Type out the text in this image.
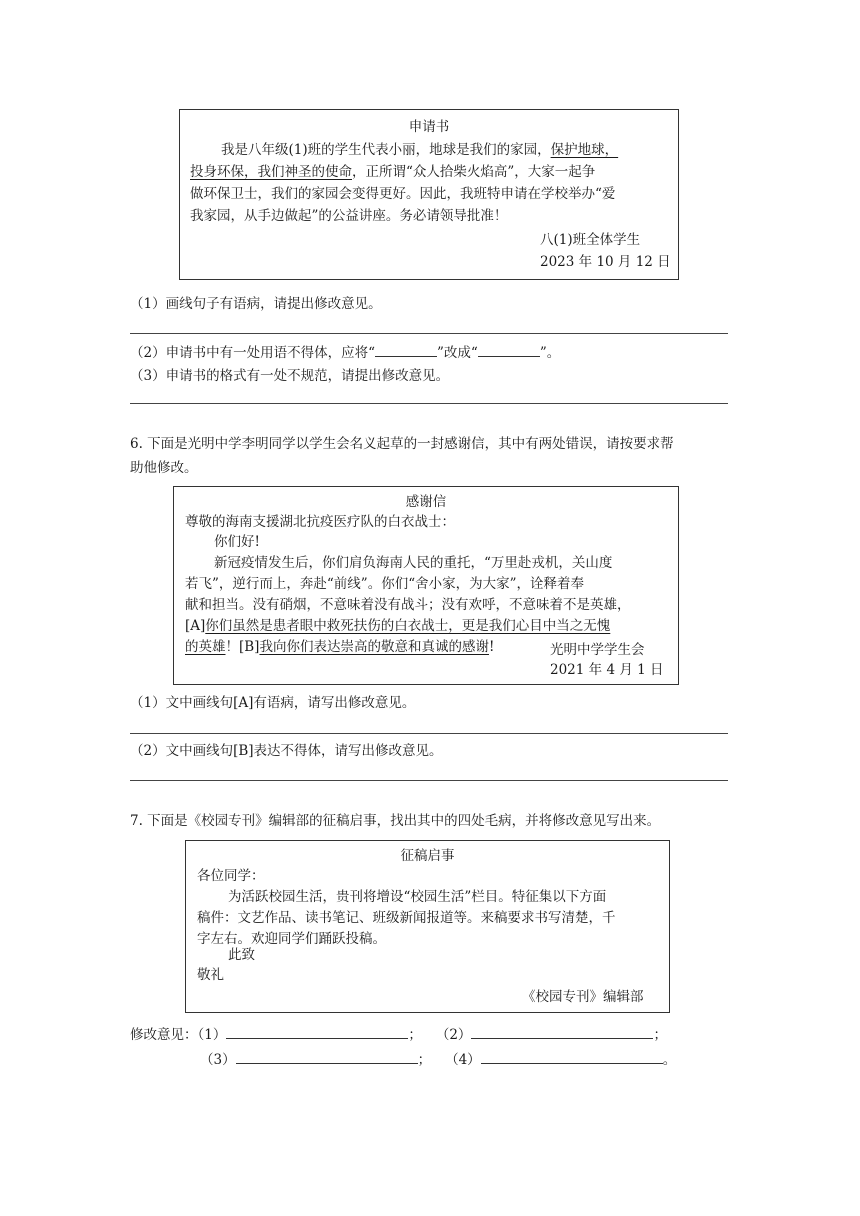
申请书
我是八年级(1)班的学生代表小丽，地球是我们的家园，保护地球，
投身环保，我们神圣的使命，正所谓“众人拾柴火焰高”，大家一起争
做环保卫士，我们的家园会变得更好。因此，我班特申请在学校举办“爱
我家园，从手边做起”的公益讲座。务必请领导批准！
八(1)班全体学生
2023 年 10 月 12 日
（1）画线句子有语病，请提出修改意见。
（2）申请书中有一处用语不得体，应将“	”改成“	”。
（3）申请书的格式有一处不规范，请提出修改意见。
6. 下面是光明中学李明同学以学生会名义起草的一封感谢信，其中有两处错误，请按要求帮
助他修改。
感谢信
尊敬的海南支援湖北抗疫医疗队的白衣战士：
你们好!
新冠疫情发生后，你们肩负海南人民的重托，“万里赴戎机，关山度
若飞”，逆行而上，奔赴“前线”。你们“舍小家，为大家”，诠释着奉
献和担当。没有硝烟，不意味着没有战斗；没有欢呼，不意味着不是英雄，
[A]你们虽然是患者眼中救死扶伤的白衣战士，更是我们心目中当之无愧
的英雄！[B]我向你们表达崇高的敬意和真诚的感谢!	光明中学学生会
2021 年 4 月 1 日
（1）文中画线句[A]有语病，请写出修改意见。
（2）文中画线句[B]表达不得体，请写出修改意见。
7. 下面是《校园专刊》编辑部的征稿启事，找出其中的四处毛病，并将修改意见写出来。
征稿启事
各位同学：
为活跃校园生活，贵刊将增设“校园生活”栏目。特征集以下方面
稿件：文艺作品、读书笔记、班级新闻报道等。来稿要求书写清楚，千
字左右。欢迎同学们踊跃投稿。
此致
敬礼
《校园专刊》编辑部
修改意见：（1）	； （2）	；
（3）	； （4）	。
